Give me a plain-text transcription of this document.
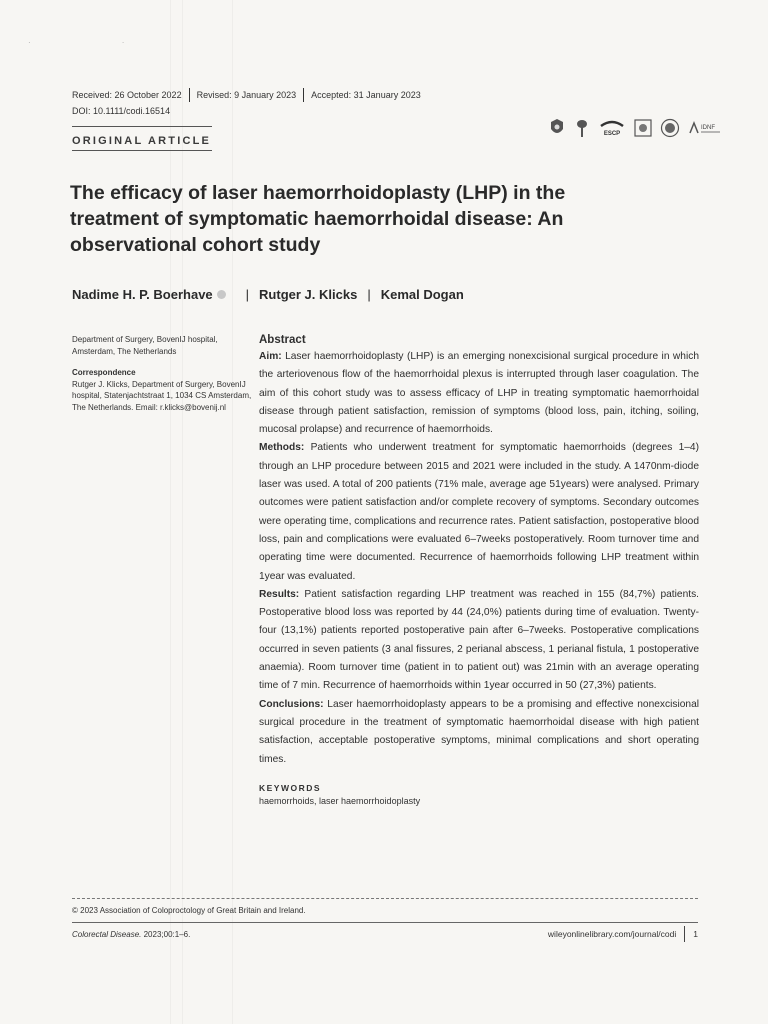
·                                         ·
Received: 26 October 2022 Revised: 9 January 2023 Accepted: 31 January 2023
DOI: 10.1111/codi.16514
ORIGINAL ARTICLE
ESCP
IDNF
The efficacy of laser haemorrhoidoplasty (LHP) in the treatment of symptomatic haemorrhoidal disease: An observational cohort study
Nadime H. P. Boerhave	| Rutger J. Klicks | Kemal Dogan

Department of Surgery, BovenIJ hospital, Amsterdam, The Netherlands

Correspondence

Rutger J. Klicks, Department of Surgery, BovenIJ hospital, Statenjachtstraat 1, 1034 CS Amsterdam, The Netherlands. Email: r.klicks@bovenij.nl

Abstract

Aim: Laser haemorrhoidoplasty (LHP) is an emerging nonexcisional surgical procedure in which the arteriovenous flow of the haemorrhoidal plexus is interrupted through laser coagulation. The aim of this cohort study was to assess efficacy of LHP in treating symptomatic haemorrhoidal disease through patient satisfaction, remission of symptoms (blood loss, pain, itching, soiling, mucosal prolapse) and recurrence of haemorrhoids.

Methods: Patients who underwent treatment for symptomatic haemorrhoids (degrees 1–4) through an LHP procedure between 2015 and 2021 were included in the study. A 1470nm-diode laser was used. A total of 200 patients (71% male, average age 51years) were analysed. Primary outcomes were patient satisfaction and/or complete recovery of symptoms. Secondary outcomes were operating time, complications and recurrence rates. Patient satisfaction, postoperative blood loss, pain and complications were evaluated 6–7weeks postoperatively. Room turnover time and operating time were documented. Recurrence of haemorrhoids following LHP treatment within 1year was evaluated.

Results: Patient satisfaction regarding LHP treatment was reached in 155 (84,7%) patients. Postoperative blood loss was reported by 44 (24,0%) patients during time of evaluation. Twenty-four (13,1%) patients reported postoperative pain after 6–7weeks. Postoperative complications occurred in seven patients (3 anal fissures, 2 perianal abscess, 1 perianal fistula, 1 postoperative anaemia). Room turnover time (patient in to patient out) was 21min with an average operating time of 7 min. Recurrence of haemorrhoids within 1year occurred in 50 (27,3%) patients.

Conclusions: Laser haemorrhoidoplasty appears to be a promising and effective nonexcisional surgical procedure in the treatment of symptomatic haemorrhoidal disease with high patient satisfaction, acceptable postoperative symptoms, minimal complications and short operating times.

KEYWORDS
haemorrhoids, laser haemorrhoidoplasty
© 2023 Association of Coloproctology of Great Britain and Ireland.
Colorectal Disease. 2023;00:1–6.	wileyonlinelibrary.com/journal/codi 1
